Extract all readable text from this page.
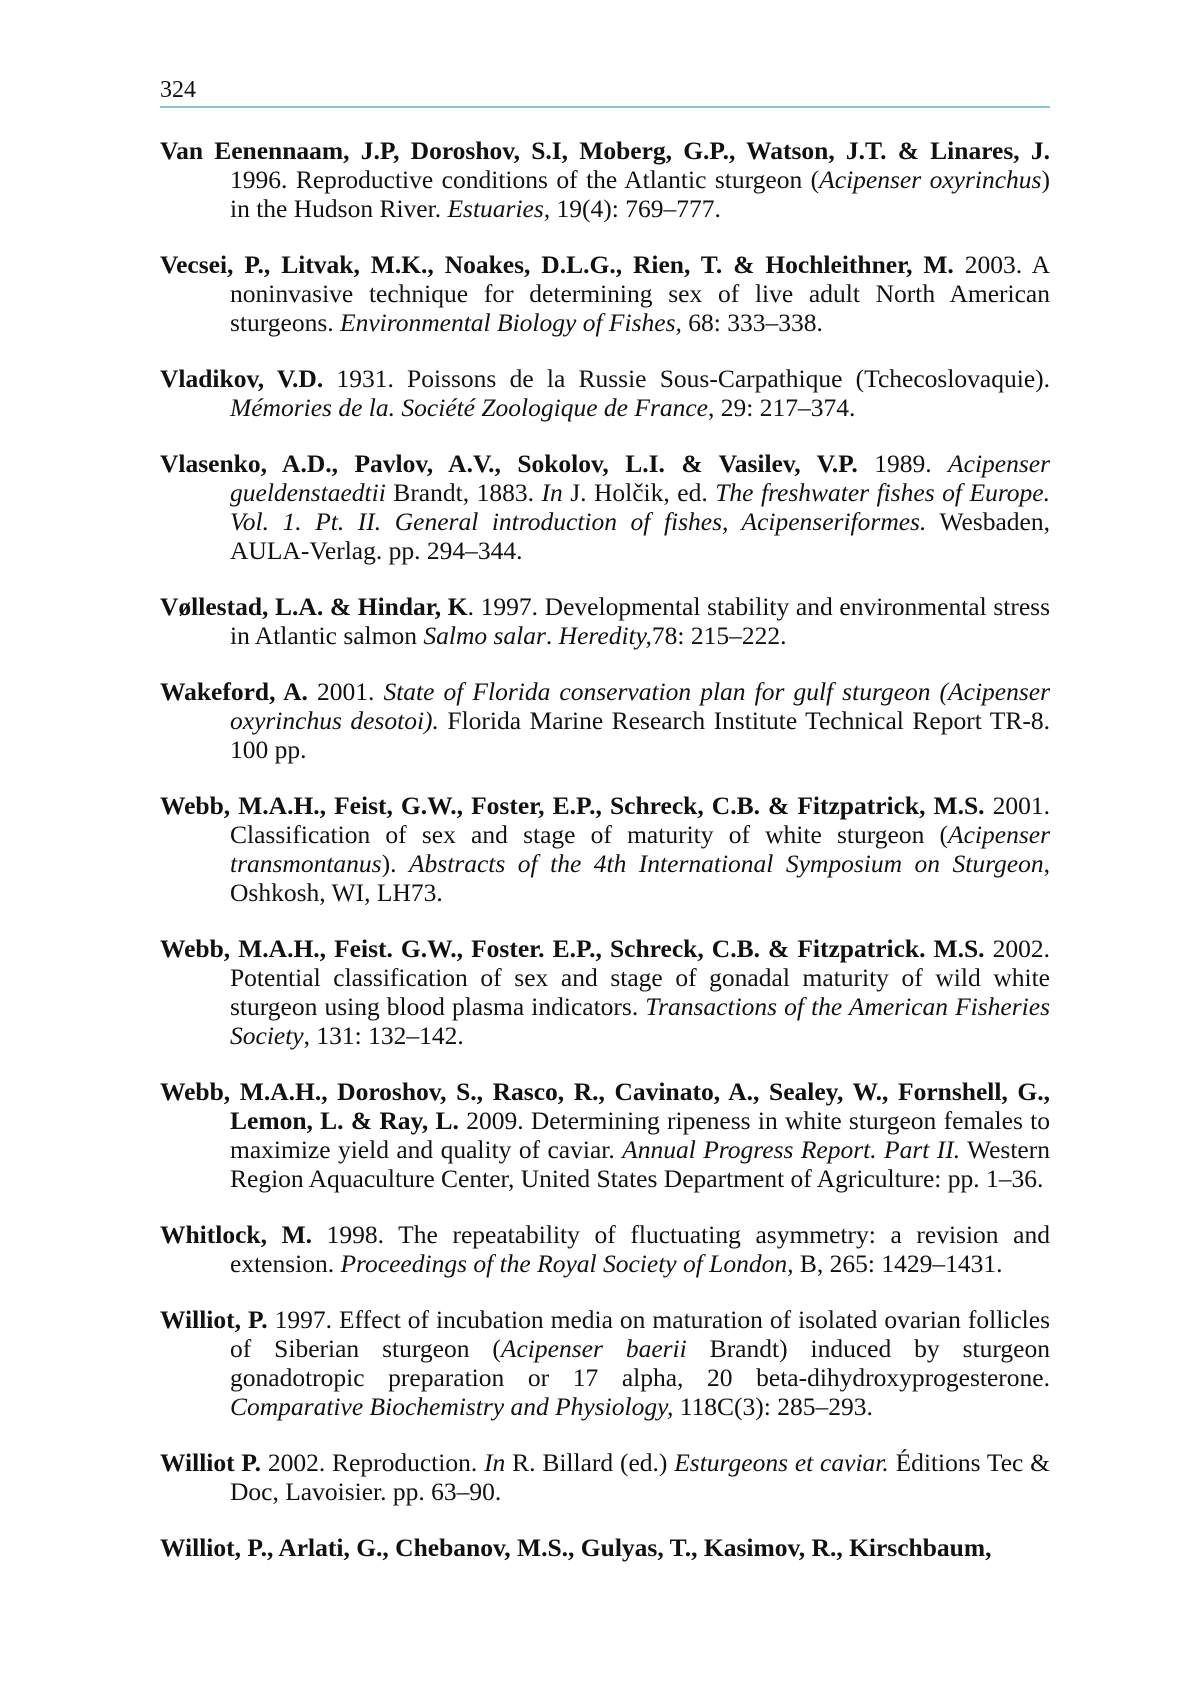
324

Van Eenennaam, J.P, Doroshov, S.I, Moberg, G.P., Watson, J.T. & Linares, J. 1996. Reproductive conditions of the Atlantic sturgeon (Acipenser oxyrinchus) in the Hudson River. Estuaries, 19(4): 769–777.

Vecsei, P., Litvak, M.K., Noakes, D.L.G., Rien, T. & Hochleithner, M. 2003. A noninvasive technique for determining sex of live adult North American sturgeons. Environmental Biology of Fishes, 68: 333–338.

Vladikov, V.D. 1931. Poissons de la Russie Sous-Carpathique (Tchecoslovaquie). Mémories de la. Société Zoologique de France, 29: 217–374.

Vlasenko, A.D., Pavlov, A.V., Sokolov, L.I. & Vasilev, V.P. 1989. Acipenser gueldenstaedtii Brandt, 1883. In J. Holčik, ed. The freshwater fishes of Europe. Vol. 1. Pt. II. General introduction of fishes, Acipenseriformes. Wesbaden, AULA-Verlag. pp. 294–344.

Vøllestad, L.A. & Hindar, K. 1997. Developmental stability and environmental stress in Atlantic salmon Salmo salar. Heredity,78: 215–222.

Wakeford, A. 2001. State of Florida conservation plan for gulf sturgeon (Acipenser oxyrinchus desotoi). Florida Marine Research Institute Technical Report TR-8. 100 pp.

Webb, M.A.H., Feist, G.W., Foster, E.P., Schreck, C.B. & Fitzpatrick, M.S. 2001. Classification of sex and stage of maturity of white sturgeon (Acipenser transmontanus). Abstracts of the 4th International Symposium on Sturgeon, Oshkosh, WI, LH73.

Webb, M.A.H., Feist. G.W., Foster. E.P., Schreck, C.B. & Fitzpatrick. M.S. 2002. Potential classification of sex and stage of gonadal maturity of wild white sturgeon using blood plasma indicators. Transactions of the American Fisheries Society, 131: 132–142.

Webb, M.A.H., Doroshov, S., Rasco, R., Cavinato, A., Sealey, W., Fornshell, G., Lemon, L. & Ray, L. 2009. Determining ripeness in white sturgeon females to maximize yield and quality of caviar. Annual Progress Report. Part II. Western Region Aquaculture Center, United States Department of Agriculture: pp. 1–36.

Whitlock, M. 1998. The repeatability of fluctuating asymmetry: a revision and extension. Proceedings of the Royal Society of London, B, 265: 1429–1431.

Williot, P. 1997. Effect of incubation media on maturation of isolated ovarian follicles of Siberian sturgeon (Acipenser baerii Brandt) induced by sturgeon gonadotropic preparation or 17 alpha, 20 beta-dihydroxyprogesterone. Comparative Biochemistry and Physiology, 118C(3): 285–293.

Williot P. 2002. Reproduction. In R. Billard (ed.) Esturgeons et caviar. Éditions Tec & Doc, Lavoisier. pp. 63–90.

Williot, P., Arlati, G., Chebanov, M.S., Gulyas, T., Kasimov, R., Kirschbaum,
